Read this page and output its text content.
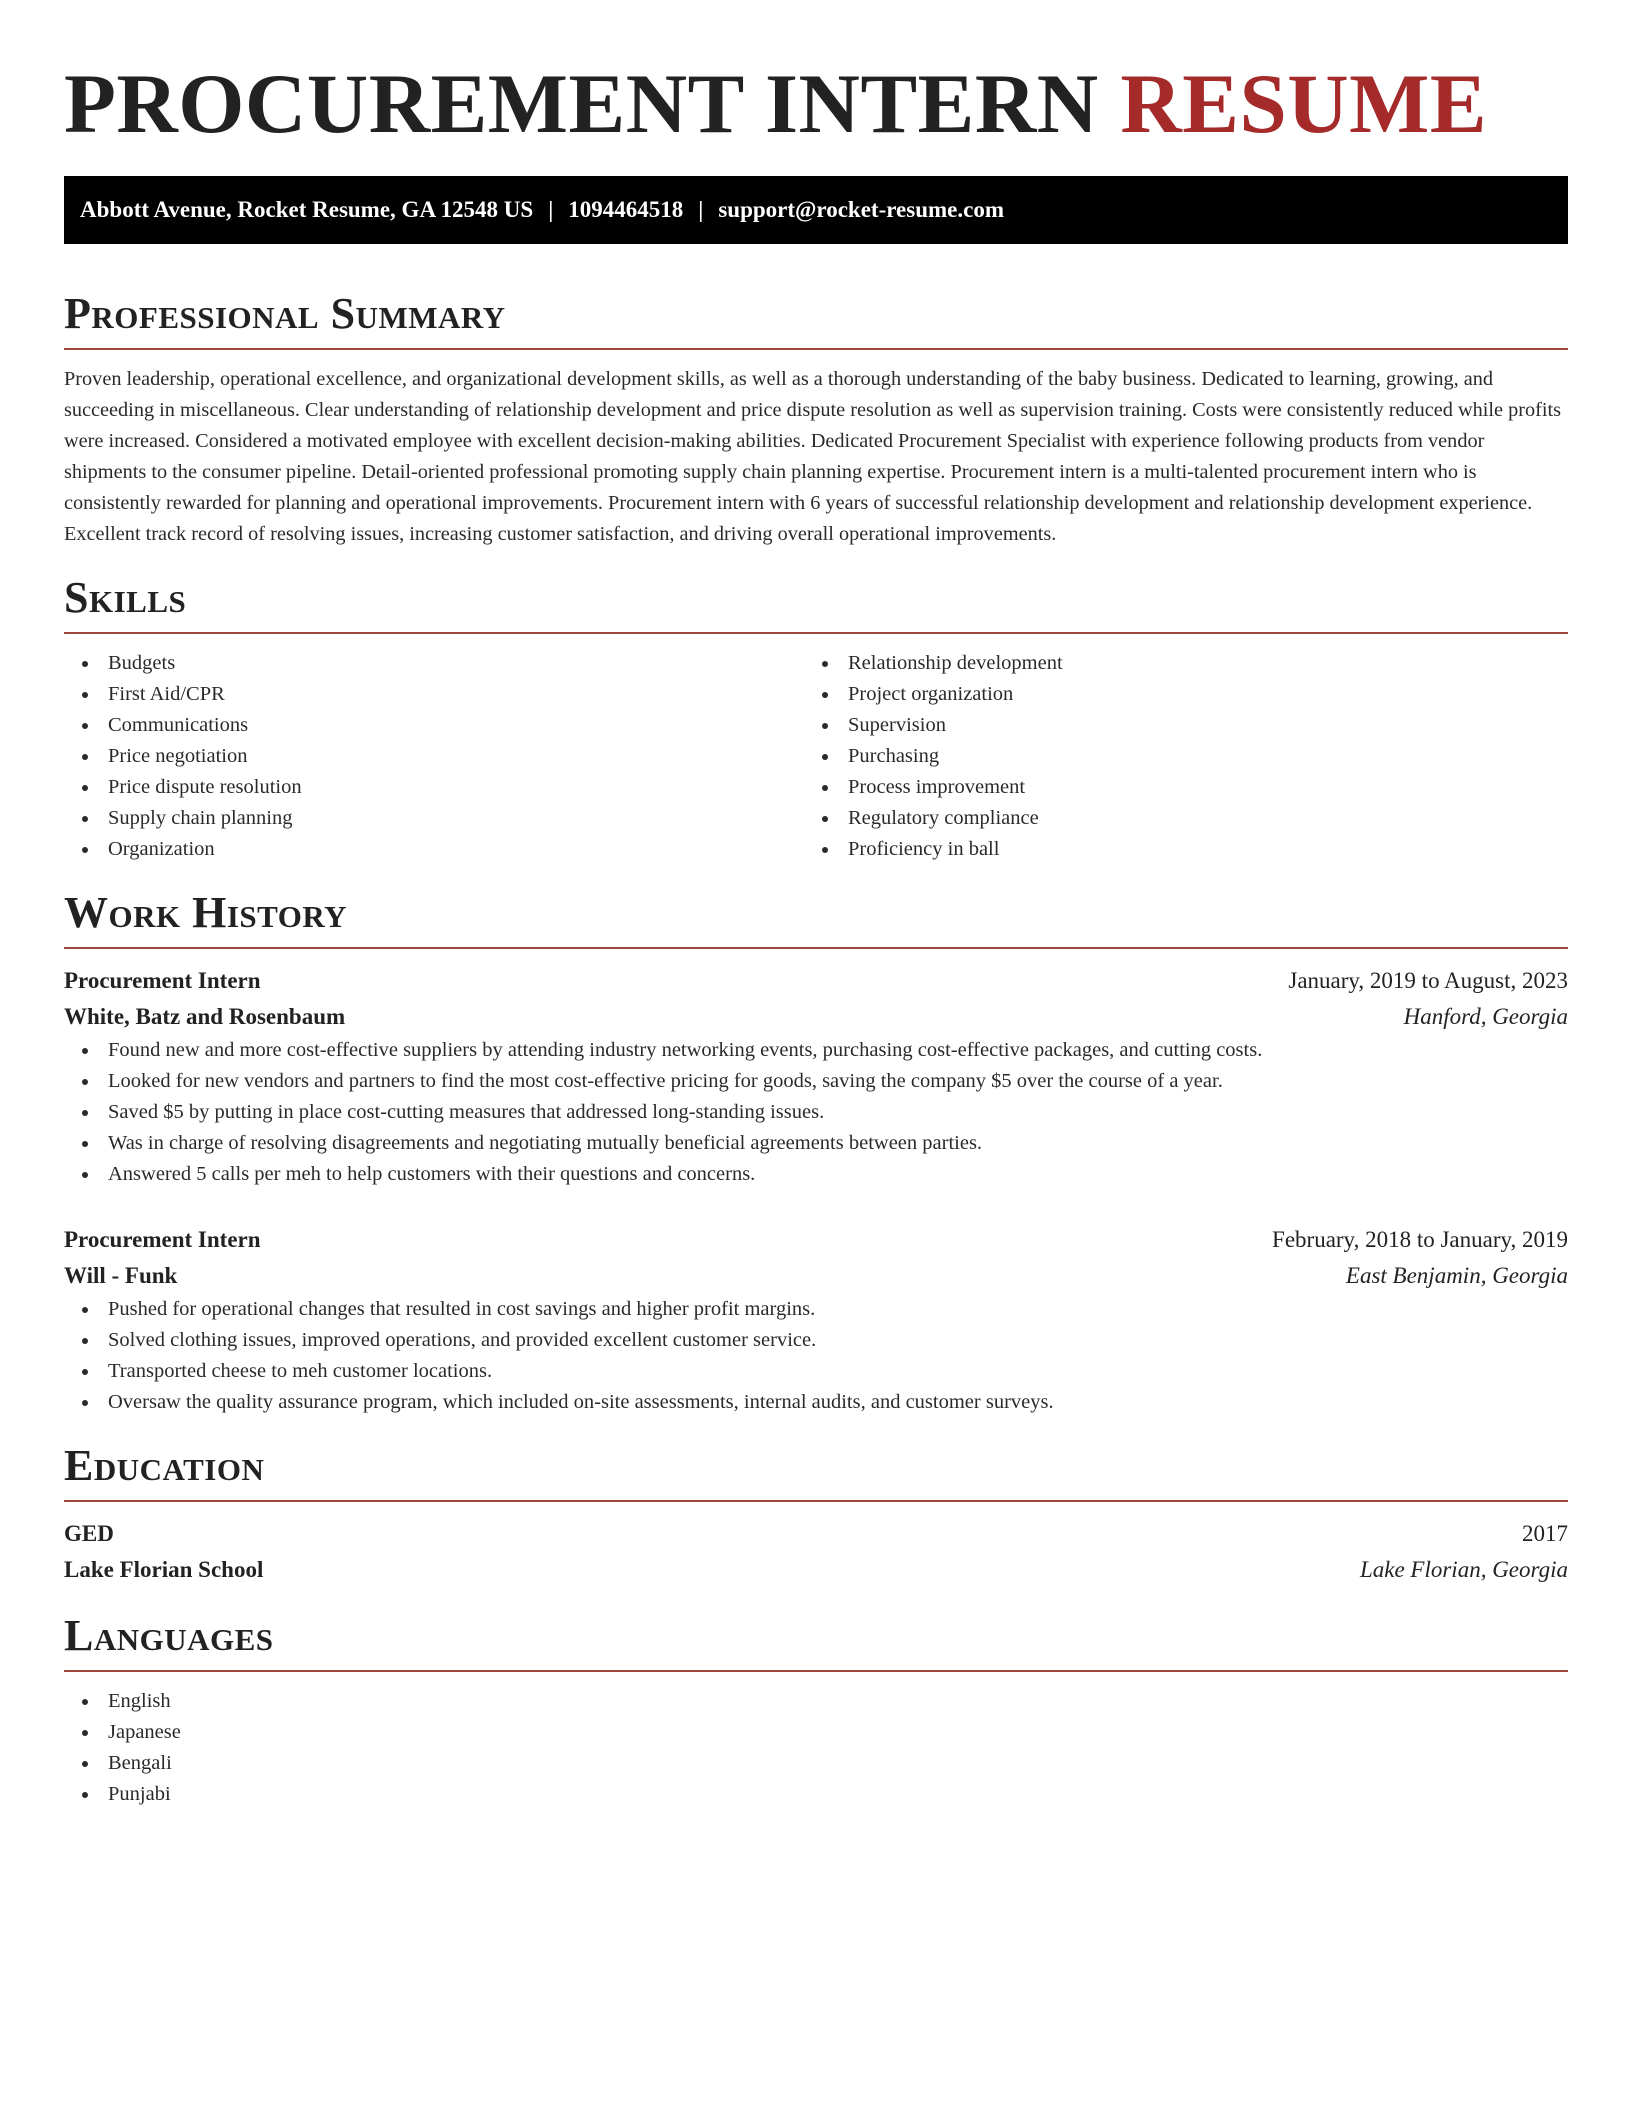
PROCUREMENT INTERN RESUME
Abbott Avenue, Rocket Resume, GA 12548 US | 1094464518 | support@rocket-resume.com
Professional Summary

Proven leadership, operational excellence, and organizational development skills, as well as a thorough understanding of the baby business. Dedicated to learning, growing, and succeeding in miscellaneous. Clear understanding of relationship development and price dispute resolution as well as supervision training. Costs were consistently reduced while profits were increased. Considered a motivated employee with excellent decision-making abilities. Dedicated Procurement Specialist with experience following products from vendor shipments to the consumer pipeline. Detail-oriented professional promoting supply chain planning expertise. Procurement intern is a multi-talented procurement intern who is consistently rewarded for planning and operational improvements. Procurement intern with 6 years of successful relationship development and relationship development experience. Excellent track record of resolving issues, increasing customer satisfaction, and driving overall operational improvements.

Skills
Budgets
First Aid/CPR
Communications
Price negotiation
Price dispute resolution
Supply chain planning
Organization
Relationship development
Project organization
Supervision
Purchasing
Process improvement
Regulatory compliance
Proficiency in ball
Work History
Procurement Intern	January, 2019 to August, 2023
White, Batz and Rosenbaum	Hanford, Georgia
Found new and more cost-effective suppliers by attending industry networking events, purchasing cost-effective packages, and cutting costs.
Looked for new vendors and partners to find the most cost-effective pricing for goods, saving the company $5 over the course of a year.
Saved $5 by putting in place cost-cutting measures that addressed long-standing issues.
Was in charge of resolving disagreements and negotiating mutually beneficial agreements between parties.
Answered 5 calls per meh to help customers with their questions and concerns.
Procurement Intern	February, 2018 to January, 2019
Will - Funk	East Benjamin, Georgia
Pushed for operational changes that resulted in cost savings and higher profit margins.
Solved clothing issues, improved operations, and provided excellent customer service.
Transported cheese to meh customer locations.
Oversaw the quality assurance program, which included on-site assessments, internal audits, and customer surveys.
Education
GED	2017
Lake Florian School	Lake Florian, Georgia
Languages
English
Japanese
Bengali
Punjabi
